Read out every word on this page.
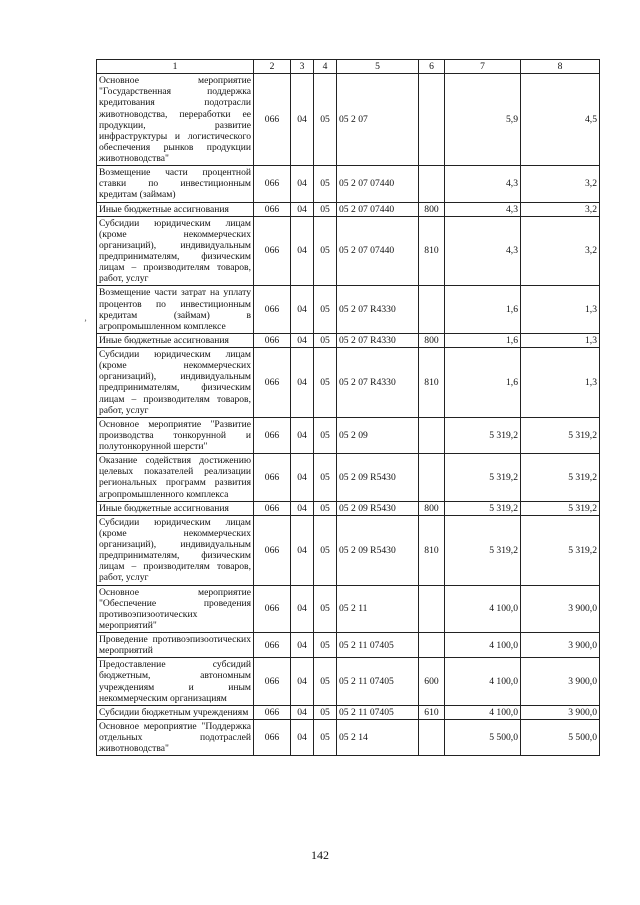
1	2	3	4	5	6	7	8
Основное мероприятие "Государственная поддержка кредитования подотрасли животноводства, переработки ее продукции, развитие инфраструктуры и логистического обеспечения рынков продукции животноводства"	066	04	05	05 2 07		5,9	4,5
Возмещение части процентной ставки по инвестиционным кредитам (займам)	066	04	05	05 2 07 07440		4,3	3,2
Иные бюджетные ассигнования	066	04	05	05 2 07 07440	800	4,3	3,2
Субсидии юридическим лицам (кроме некоммерческих организаций), индивидуальным предпринимателям, физическим лицам – производителям товаров, работ, услуг	066	04	05	05 2 07 07440	810	4,3	3,2
Возмещение части затрат на уплату процентов по инвестиционным кредитам (займам) в агропромышленном комплексе	066	04	05	05 2 07 R4330		1,6	1,3
Иные бюджетные ассигнования	066	04	05	05 2 07 R4330	800	1,6	1,3
Субсидии юридическим лицам (кроме некоммерческих организаций), индивидуальным предпринимателям, физическим лицам – производителям товаров, работ, услуг	066	04	05	05 2 07 R4330	810	1,6	1,3
Основное мероприятие "Развитие производства тонкорунной и полутонкорунной шерсти"	066	04	05	05 2 09		5 319,2	5 319,2
Оказание содействия достижению целевых показателей реализации региональных программ развития агропромышленного комплекса	066	04	05	05 2 09 R5430		5 319,2	5 319,2
Иные бюджетные ассигнования	066	04	05	05 2 09 R5430	800	5 319,2	5 319,2
Субсидии юридическим лицам (кроме некоммерческих организаций), индивидуальным предпринимателям, физическим лицам – производителям товаров, работ, услуг	066	04	05	05 2 09 R5430	810	5 319,2	5 319,2
Основное мероприятие "Обеспечение проведения противоэпизоотических мероприятий"	066	04	05	05 2 11		4 100,0	3 900,0
Проведение противоэпизоотических мероприятий	066	04	05	05 2 11 07405		4 100,0	3 900,0
Предоставление субсидий бюджетным, автономным учреждениям и иным некоммерческим организациям	066	04	05	05 2 11 07405	600	4 100,0	3 900,0
Субсидии бюджетным учреждениям	066	04	05	05 2 11 07405	610	4 100,0	3 900,0
Основное мероприятие "Поддержка отдельных подотраслей животноводства"	066	04	05	05 2 14		5 500,0	5 500,0
’
142
